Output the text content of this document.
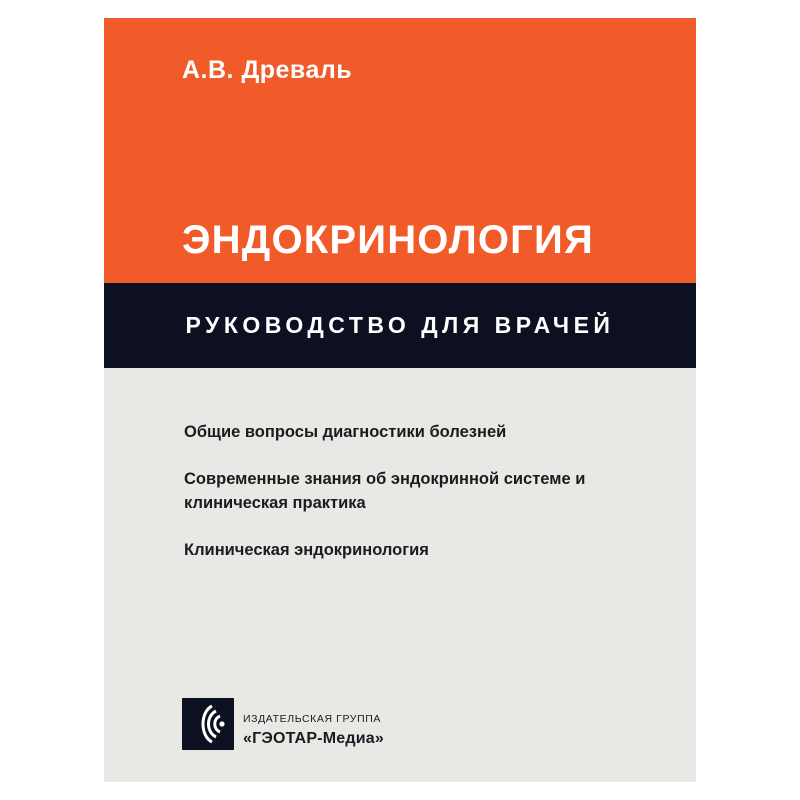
А.В. Древаль
ЭНДОКРИНОЛОГИЯ
РУКОВОДСТВО ДЛЯ ВРАЧЕЙ
Общие вопросы диагностики болезней
Современные знания об эндокринной системе и клиническая практика
Клиническая эндокринология
ИЗДАТЕЛЬСКАЯ ГРУППА
«ГЭОТАР-Медиа»
